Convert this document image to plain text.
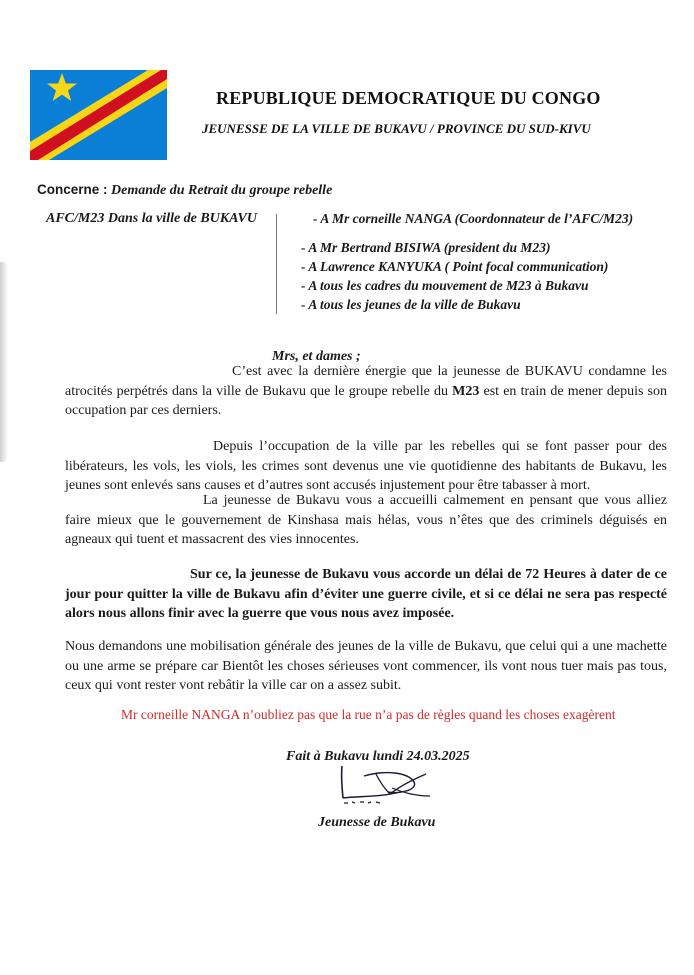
REPUBLIQUE DEMOCRATIQUE DU CONGO
JEUNESSE DE LA VILLE DE BUKAVU / PROVINCE DU SUD-KIVU
Concerne : Demande du Retrait du groupe rebelle
AFC/M23 Dans la ville de BUKAVU	- A Mr corneille NANGA (Coordonnateur de l’AFC/M23)
- A Mr Bertrand BISIWA (president du M23)
- A Lawrence KANYUKA ( Point focal communication)
- A tous les cadres du mouvement de M23 à Bukavu
- A tous les jeunes de la ville de Bukavu
Mrs, et dames ;

C’est avec la dernière énergie que la jeunesse de BUKAVU condamne les atrocités perpétrés dans la ville de Bukavu que le groupe rebelle du M23 est en train de mener depuis son occupation par ces derniers.

Depuis l’occupation de la ville par les rebelles qui se font passer pour des libérateurs, les vols, les viols, les crimes sont devenus une vie quotidienne des habitants de Bukavu, les jeunes sont enlevés sans causes et d’autres sont accusés injustement pour être tabasser à mort.

La jeunesse de Bukavu vous a accueilli calmement en pensant que vous alliez faire mieux que le gouvernement de Kinshasa mais hélas, vous n’êtes que des criminels déguisés en agneaux qui tuent et massacrent des vies innocentes.

Sur ce, la jeunesse de Bukavu vous accorde un délai de 72 Heures à dater de ce jour pour quitter la ville de Bukavu afin d’éviter une guerre civile, et si ce délai ne sera pas respecté alors nous allons finir avec la guerre que vous nous avez imposée.

Nous demandons une mobilisation générale des jeunes de la ville de Bukavu, que celui qui a une machette ou une arme se prépare car Bientôt les choses sérieuses vont commencer, ils vont nous tuer mais pas tous, ceux qui vont rester vont rebâtir la ville car on a assez subit.

Mr corneille NANGA n’oubliez pas que la rue n’a pas de règles quand les choses exagèrent
Fait à Bukavu lundi 24.03.2025
Jeunesse de Bukavu
